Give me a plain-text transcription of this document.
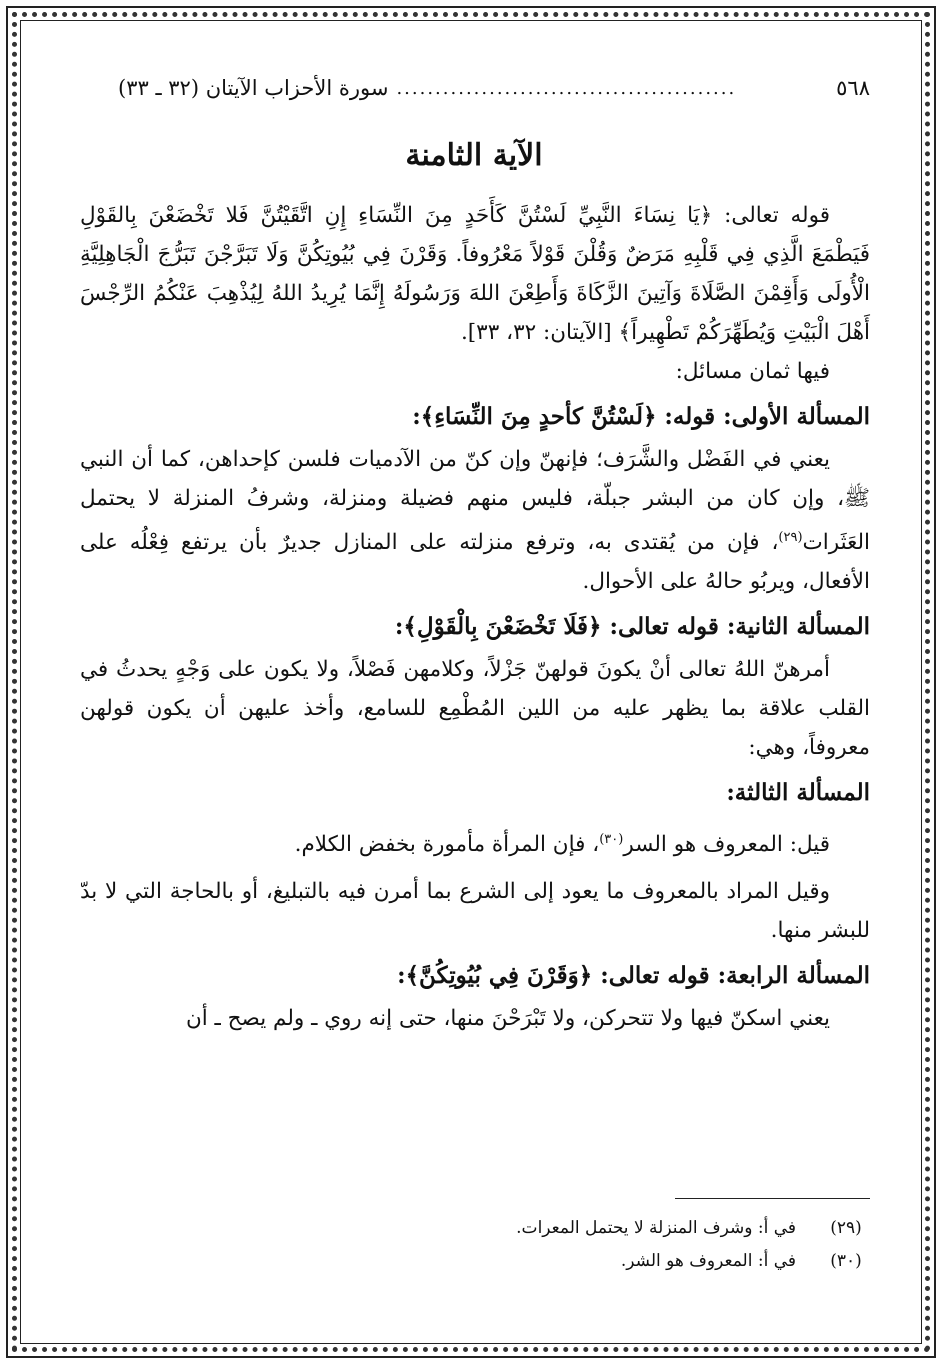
٥٦٨
............................................
سورة الأحزاب الآيتان (٣٢ ـ ٣٣)
الآية الثامنة

قوله تعالى: ﴿يَا نِسَاءَ النَّبِيِّ لَسْتُنَّ كَأَحَدٍ مِنَ النِّسَاءِ إِنِ اتَّقَيْتُنَّ فَلا تَخْضَعْنَ بِالقَوْلِ فَيَطْمَعَ الَّذِي فِي قَلْبِهِ مَرَضٌ وَقُلْنَ قَوْلاً مَعْرُوفاً. وَقَرْنَ فِي بُيُوتِكُنَّ وَلَا تَبَرَّجْنَ تَبَرُّجَ الْجَاهِلِيَّةِ الْأُولَى وَأَقِمْنَ الصَّلَاةَ وَآتِينَ الزَّكَاةَ وَأَطِعْنَ اللهَ وَرَسُولَهُ إِنَّمَا يُرِيدُ اللهُ لِيُذْهِبَ عَنْكُمُ الرِّجْسَ أَهْلَ الْبَيْتِ وَيُطَهِّرَكُمْ تَطْهِيراً﴾ [الآيتان: ٣٢، ٣٣].

فيها ثمان مسائل:

المسألة الأولى: قوله: ﴿لَسْتُنَّ كأحدٍ مِنَ النِّسَاءِ﴾:

يعني في الفَضْل والشَّرَف؛ فإنهنّ وإن كنّ من الآدميات فلسن كإحداهن، كما أن النبي ﷺ، وإن كان من البشر جبلّة، فليس منهم فضيلة ومنزلة، وشرفُ المنزلة لا يحتمل العَثَرات$^{(٢٩)}$، فإن من يُقتدى به، وترفع منزلته على المنازل جديرٌ بأن يرتفع فِعْلُه على الأفعال، ويربُو حالهُ على الأحوال.

المسألة الثانية: قوله تعالى: ﴿فَلَا تَخْضَعْنَ بِالْقَوْلِ﴾:

أمرهنّ اللهُ تعالى أنْ يكونَ قولهنّ جَزْلاً، وكلامهن فَصْلاً، ولا يكون على وَجْهٍ يحدثُ في القلب علاقة بما يظهر عليه من اللين المُطْمِع للسامع، وأخذ عليهن أن يكون قولهن معروفاً، وهي:

المسألة الثالثة:

قيل: المعروف هو السر$^{(٣٠)}$، فإن المرأة مأمورة بخفض الكلام.

وقيل المراد بالمعروف ما يعود إلى الشرع بما أمرن فيه بالتبليغ، أو بالحاجة التي لا بدّ للبشر منها.

المسألة الرابعة: قوله تعالى: ﴿وَقَرْنَ فِي بُيُوتِكُنَّ﴾:

يعني اسكنّ فيها ولا تتحركن، ولا تَبْرَحْنَ منها، حتى إنه روي ـ ولم يصح ـ أن

(٢٩)
في أ: وشرف المنزلة لا يحتمل المعرات.
(٣٠)
في أ: المعروف هو الشر.
